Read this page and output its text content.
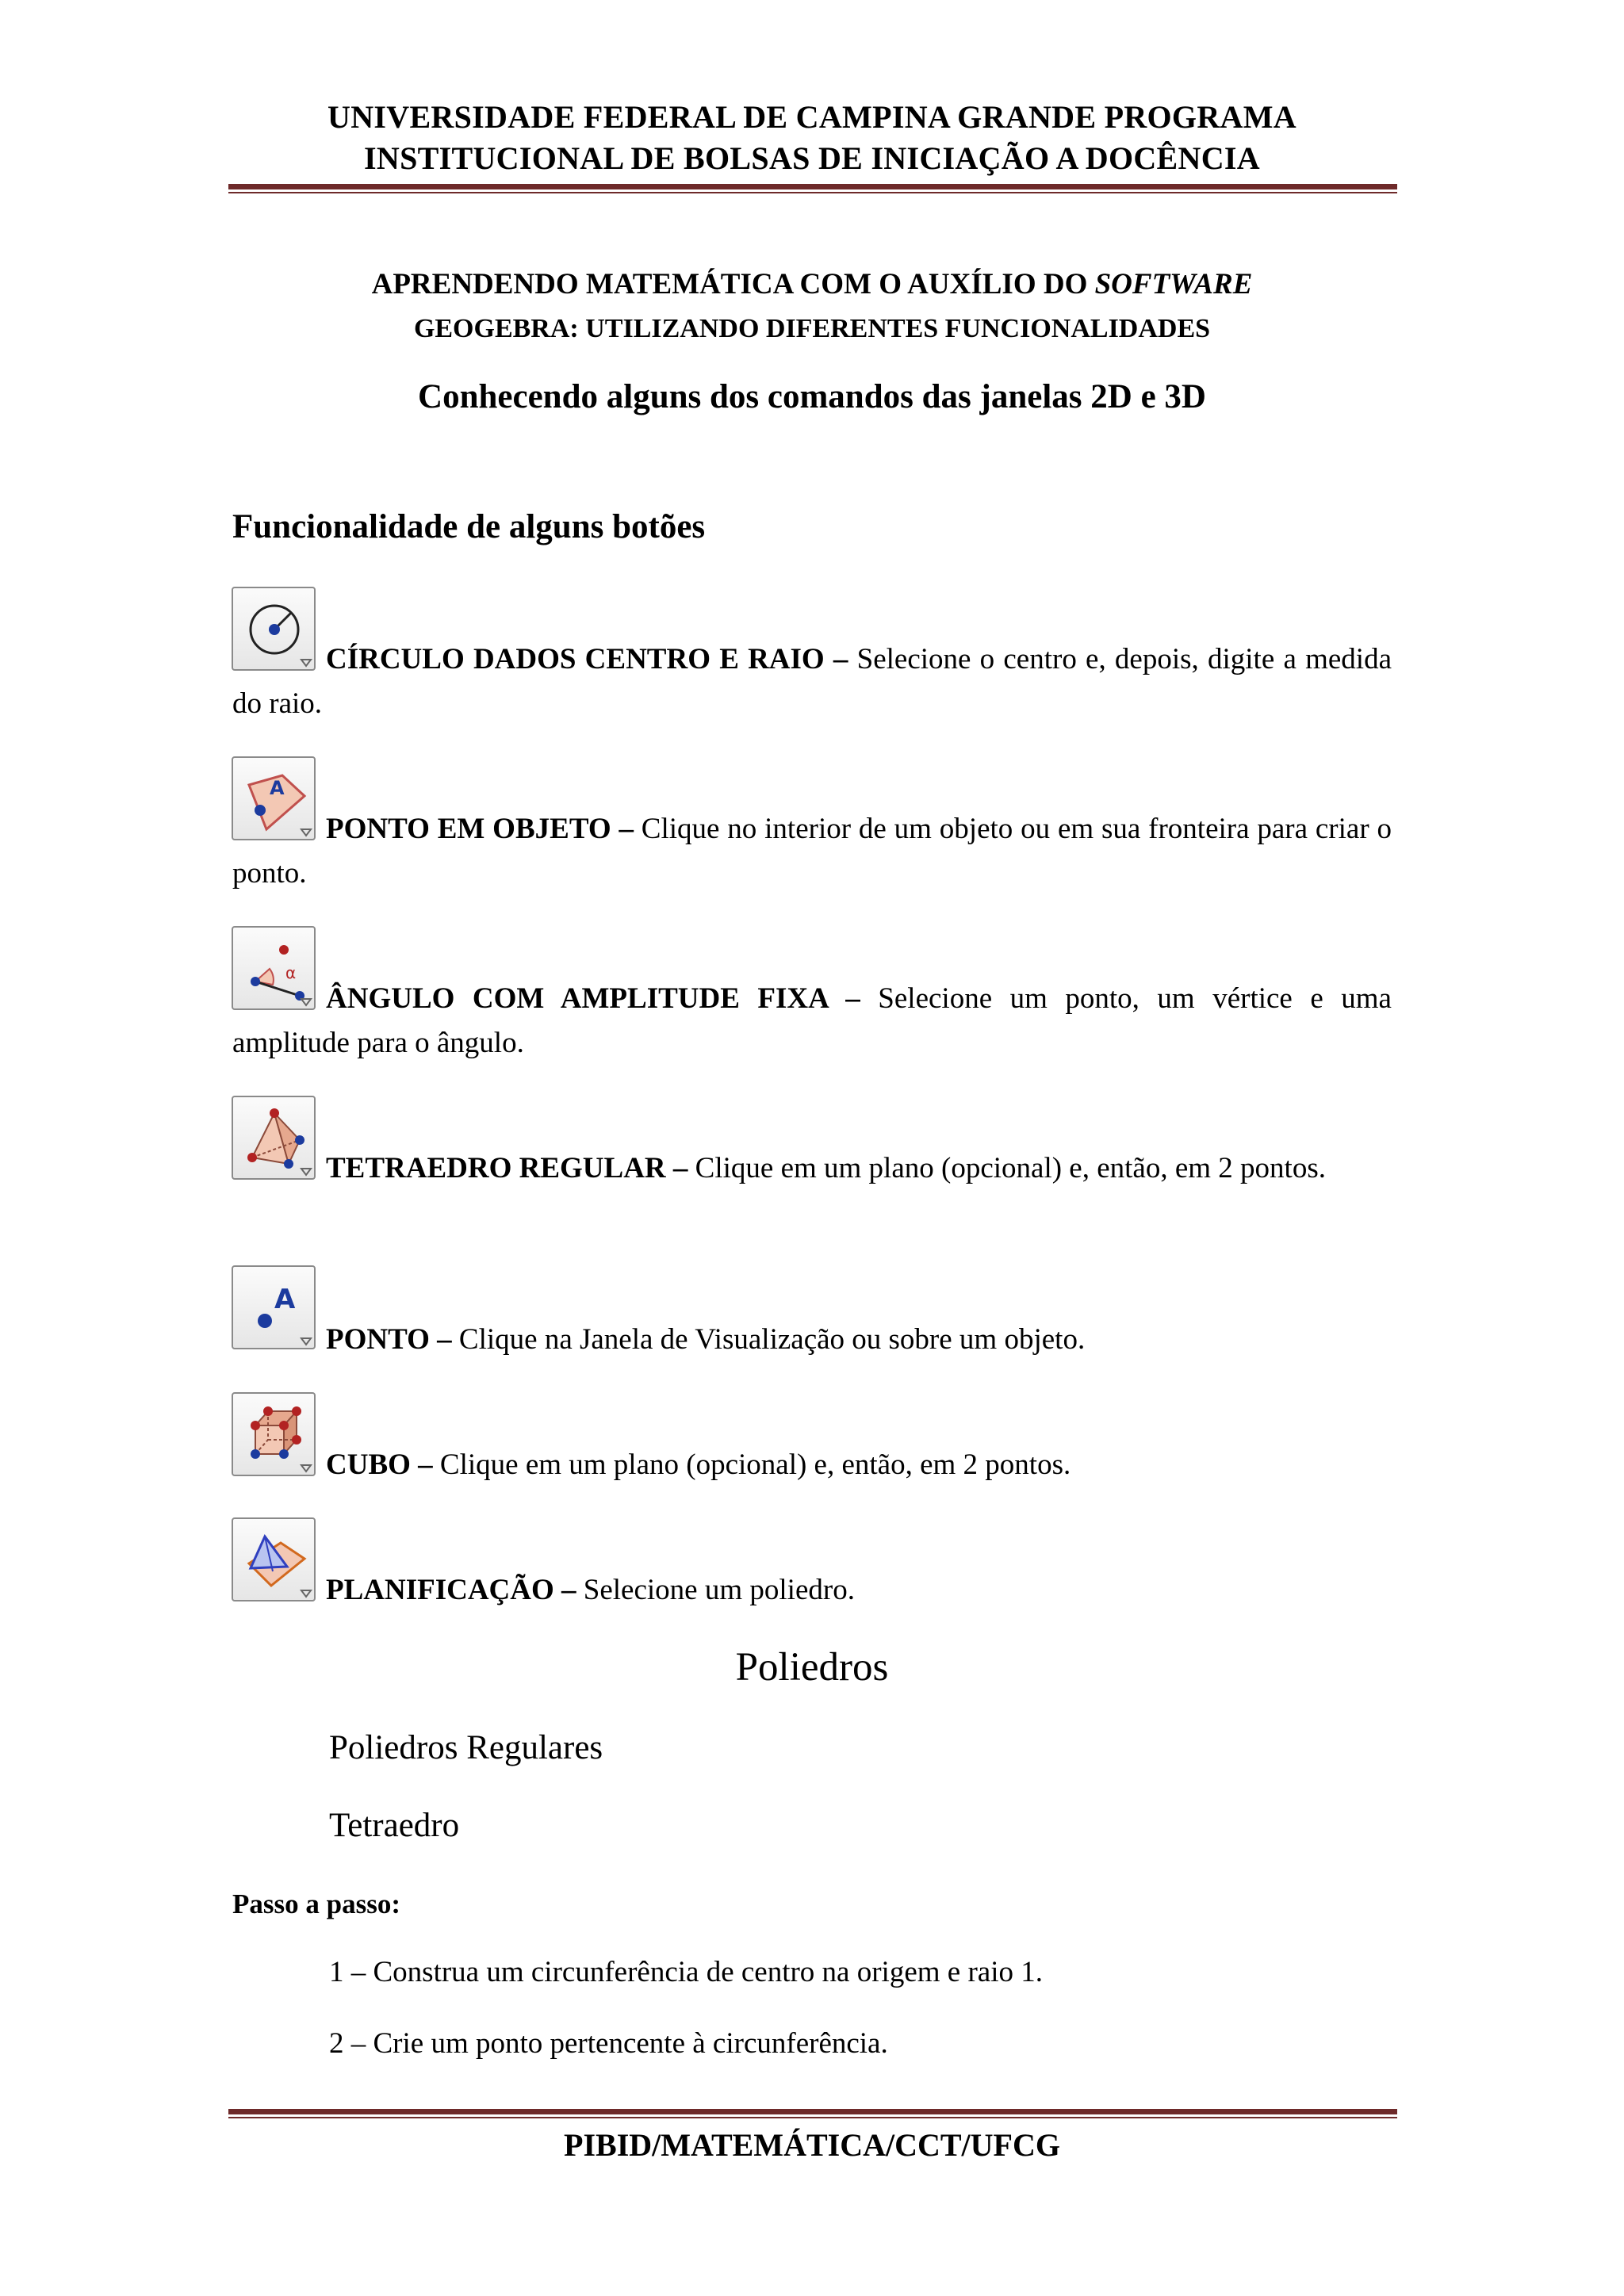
UNIVERSIDADE FEDERAL DE CAMPINA GRANDE PROGRAMA
INSTITUCIONAL DE BOLSAS DE INICIAÇÃO A DOCÊNCIA
APRENDENDO MATEMÁTICA COM O AUXÍLIO DO SOFTWARE
GEOGEBRA: UTILIZANDO DIFERENTES FUNCIONALIDADES
Conhecendo alguns dos comandos das janelas 2D e 3D
Funcionalidade de alguns botões
CÍRCULO DADOS CENTRO E RAIO – Selecione o centro e, depois, digite a medida do raio.
A
PONTO EM OBJETO – Clique no interior de um objeto ou em sua fronteira para criar o ponto.
α
ÂNGULO COM AMPLITUDE FIXA – Selecione um ponto, um vértice e uma amplitude para o ângulo.
TETRAEDRO REGULAR – Clique em um plano (opcional) e, então, em 2 pontos.
A
PONTO – Clique na Janela de Visualização ou sobre um objeto.
CUBO – Clique em um plano (opcional) e, então, em 2 pontos.
PLANIFICAÇÃO – Selecione um poliedro.
Poliedros
Poliedros Regulares
Tetraedro
Passo a passo:
1 – Construa um circunferência de centro na origem e raio 1.
2 – Crie um ponto pertencente à circunferência.
PIBID/MATEMÁTICA/CCT/UFCG
